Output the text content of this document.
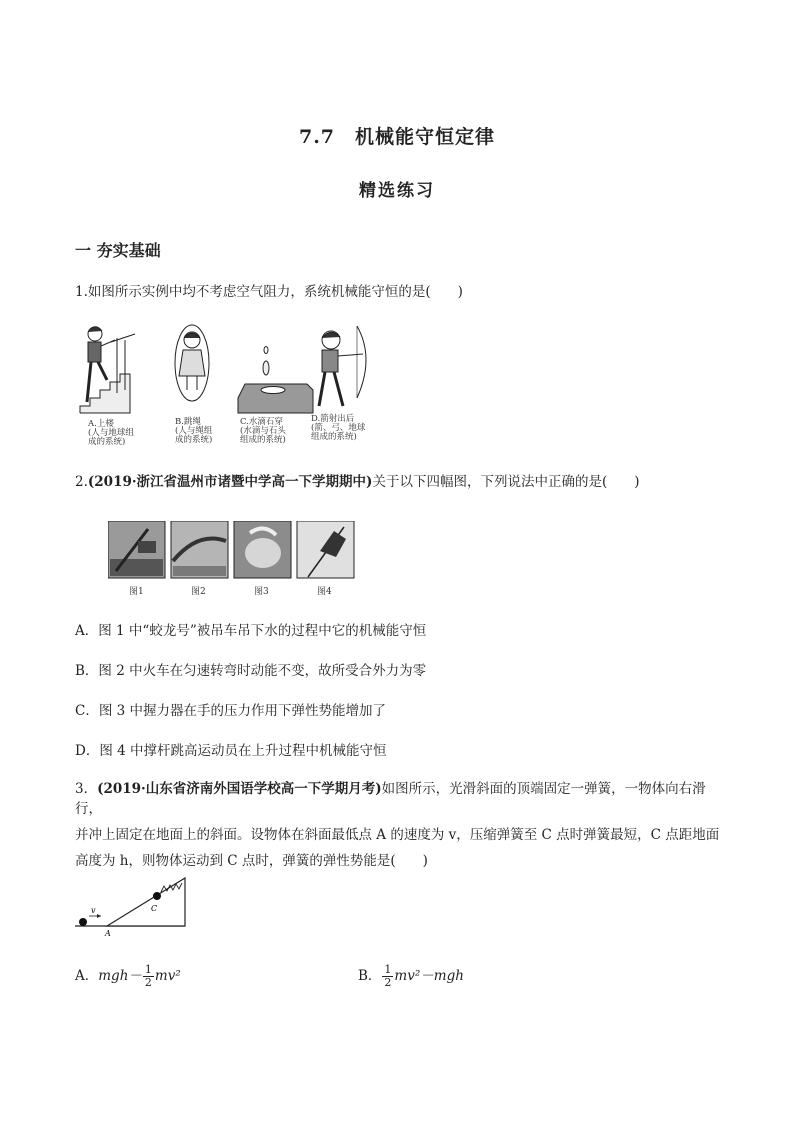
7.7　机械能守恒定律
精选练习
一 夯实基础
1.如图所示实例中均不考虑空气阻力，系统机械能守恒的是(　　)
A.上楼
(人与地球组
成的系统)
B.跳绳
(人与绳组
成的系统)
C.水滴石穿
(水滴与石头
组成的系统)
D.箭射出后
(箭、弓、地球
组成的系统)
2.(2019·浙江省温州市诸暨中学高一下学期期中)关于以下四幅图，下列说法中正确的是(　　)
图1	图2	图3	图4
A．图 1 中“蛟龙号”被吊车吊下水的过程中它的机械能守恒
B．图 2 中火车在匀速转弯时动能不变，故所受合外力为零
C．图 3 中握力器在手的压力作用下弹性势能增加了
D．图 4 中撑杆跳高运动员在上升过程中机械能守恒
3．(2019·山东省济南外国语学校高一下学期月考)如图所示，光滑斜面的顶端固定一弹簧，一物体向右滑行，
并冲上固定在地面上的斜面。设物体在斜面最低点 A 的速度为 v，压缩弹簧至 C 点时弹簧最短，C 点距地面
高度为 h，则物体运动到 C 点时，弹簧的弹性势能是(　　)
v
A
C
A．$mgh- \frac{1}{2} mv^2$	B． $\frac{1}{2} mv^2-mgh$
